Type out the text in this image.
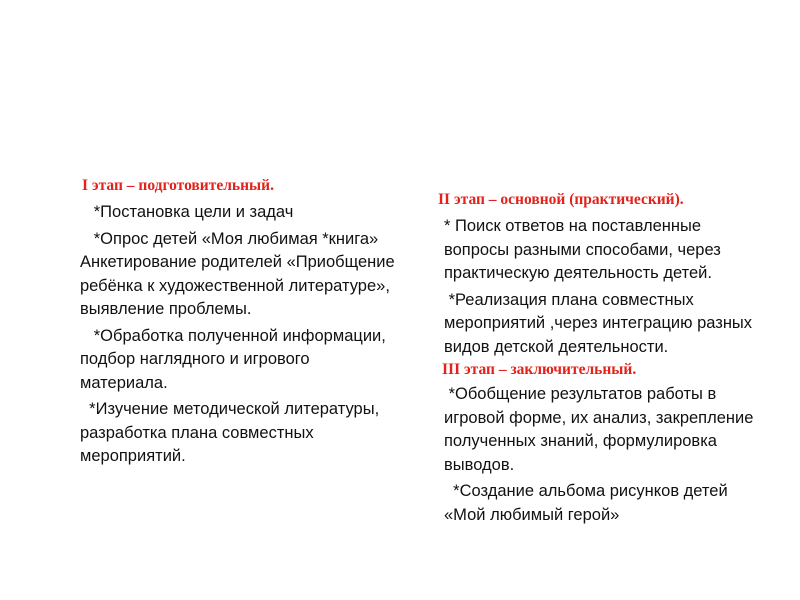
I этап – подготовительный.
*Постановка цели и задач
*Опрос детей «Моя любимая *книга»  Анкетирование родителей «Приобщение ребёнка к художественной литературе», выявление проблемы.
*Обработка полученной информации, подбор наглядного и игрового материала.
*Изучение методической литературы, разработка плана совместных мероприятий.
II этап – основной (практический).
* Поиск ответов на поставленные вопросы разными способами, через практическую деятельность детей.
*Реализация плана совместных мероприятий ,через интеграцию разных видов детской деятельности.
III этап – заключительный.
*Обобщение результатов работы в игровой форме, их анализ, закрепление полученных знаний, формулировка выводов.
*Создание альбома рисунков детей «Мой любимый герой»
